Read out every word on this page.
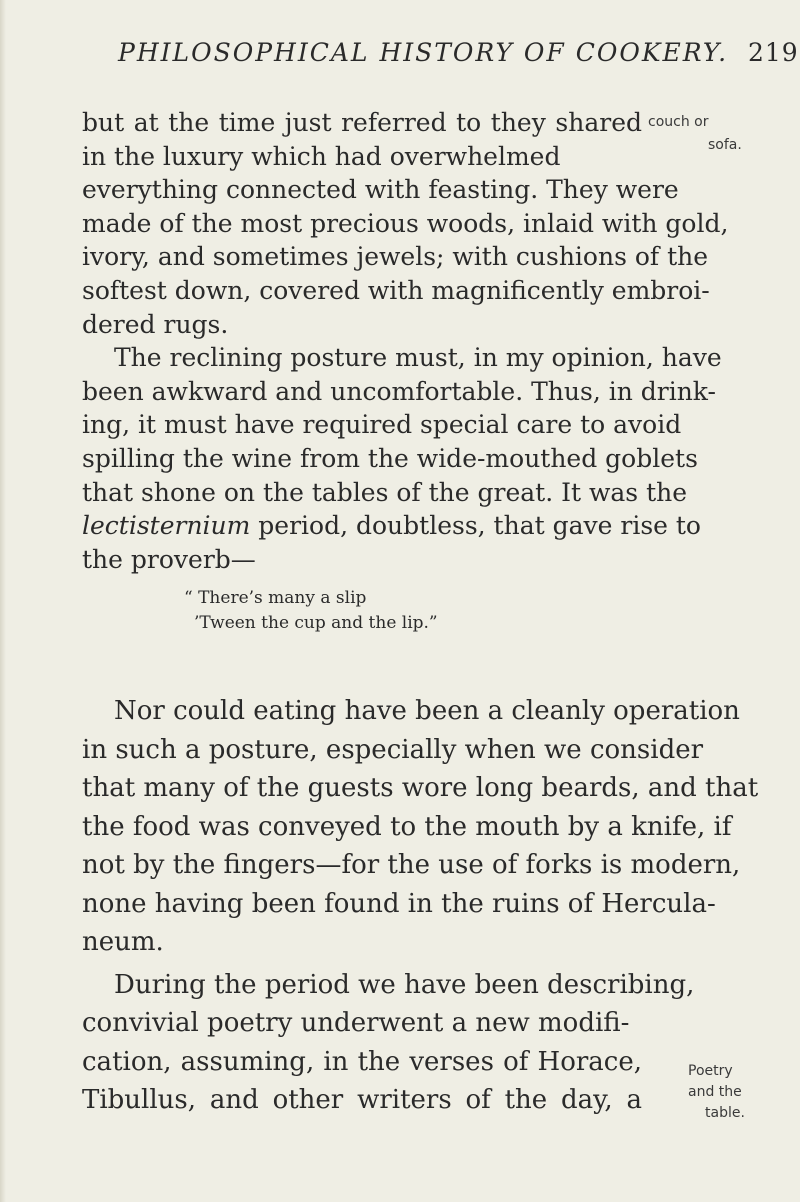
PHILOSOPHICAL HISTORY OF COOKERY. 219
but at the time just referred to they shared
in the luxury which had overwhelmed
everything connected with feasting. They were
made of the most precious woods, inlaid with gold,
ivory, and sometimes jewels; with cushions of the
softest down, covered with magnificently embroi-
dered rugs.
The reclining posture must, in my opinion, have
been awkward and uncomfortable. Thus, in drink-
ing, it must have required special care to avoid
spilling the wine from the wide-mouthed goblets
that shone on the tables of the great. It was the
lectisternium period, doubtless, that gave rise to
the proverb—
“ There’s many a slip
’Tween the cup and the lip.”
Nor could eating have been a cleanly operation
in such a posture, especially when we consider
that many of the guests wore long beards, and that
the food was conveyed to the mouth by a knife, if
not by the fingers—for the use of forks is modern,
none having been found in the ruins of Hercula-
neum.
During the period we have been describing,
convivial poetry underwent a new modifi-
cation, assuming, in the verses of Horace,
Tibullus, and other writers of the day, a
couch or
sofa.
Poetry
and the
table.
